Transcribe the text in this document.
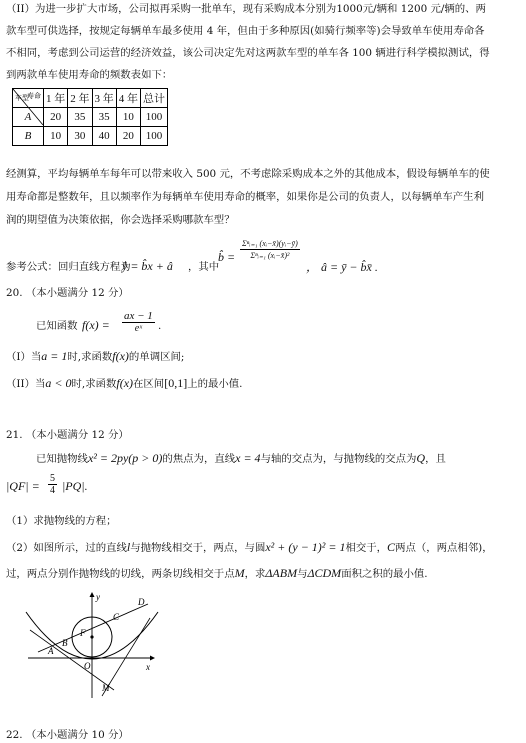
（II）为进一步扩大市场，公司拟再采购一批单车，现有采购成本分别为1000元/辆和 1200 元/辆的、两
款车型可供选择，按规定每辆单车最多使用 4 年，但由于多种原因(如骑行频率等)会导致单车使用寿命各
不相同，考虑到公司运营的经济效益，该公司决定先对这两款车型的单车各 100 辆进行科学模拟测试，得
到两款单车使用寿命的频数表如下：
寿命
车型	1 年	2 年	3 年	4 年	总计
A	20	35	35	10	100
B	10	30	40	20	100
经测算，平均每辆单车每年可以带来收入 500 元，不考虑除采购成本之外的其他成本，假设每辆单车的使
用寿命都是整数年，且以频率作为每辆单车使用寿命的概率，如果你是公司的负责人，以每辆单车产生利
润的期望值为决策依据，你会选择采购哪款车型？
参考公式：回归直线方程为
ŷ = b̂x + â ，其中
b̂ =
Σⁿᵢ₌₁ (xᵢ−x̄)(yᵢ−ȳ)
Σⁿᵢ₌₁ (xᵢ−x̄)²
， â = ȳ − b̂x̄ .
20. （本小题满分 12 分）
已知函数 $f(x) = \frac{ax - 1}{\text{eˣ}}$ .
（I）当a = 1时,求函数f(x)的单调区间;
（II）当a < 0时,求函数f(x)在区间[0,1]上的最小值.
21. （本小题满分 12 分）
已知抛物线x² = 2py(p > 0)的焦点为，直线x = 4与轴的交点为，与抛物线的交点为Q，且
$|QF| = \frac{5}{4} |PQ|$.
（1）求抛物线的方程；
（2）如图所示，过的直线l与抛物线相交于，两点，与圆x² + (y − 1)² = 1相交于，C两点（，两点相邻)，
过，两点分别作抛物线的切线，两条切线相交于点M，求ΔABM与ΔCDM面积之积的最小值.
y	D
C
F
B
A
O	x
M
22. （本小题满分 10 分）
